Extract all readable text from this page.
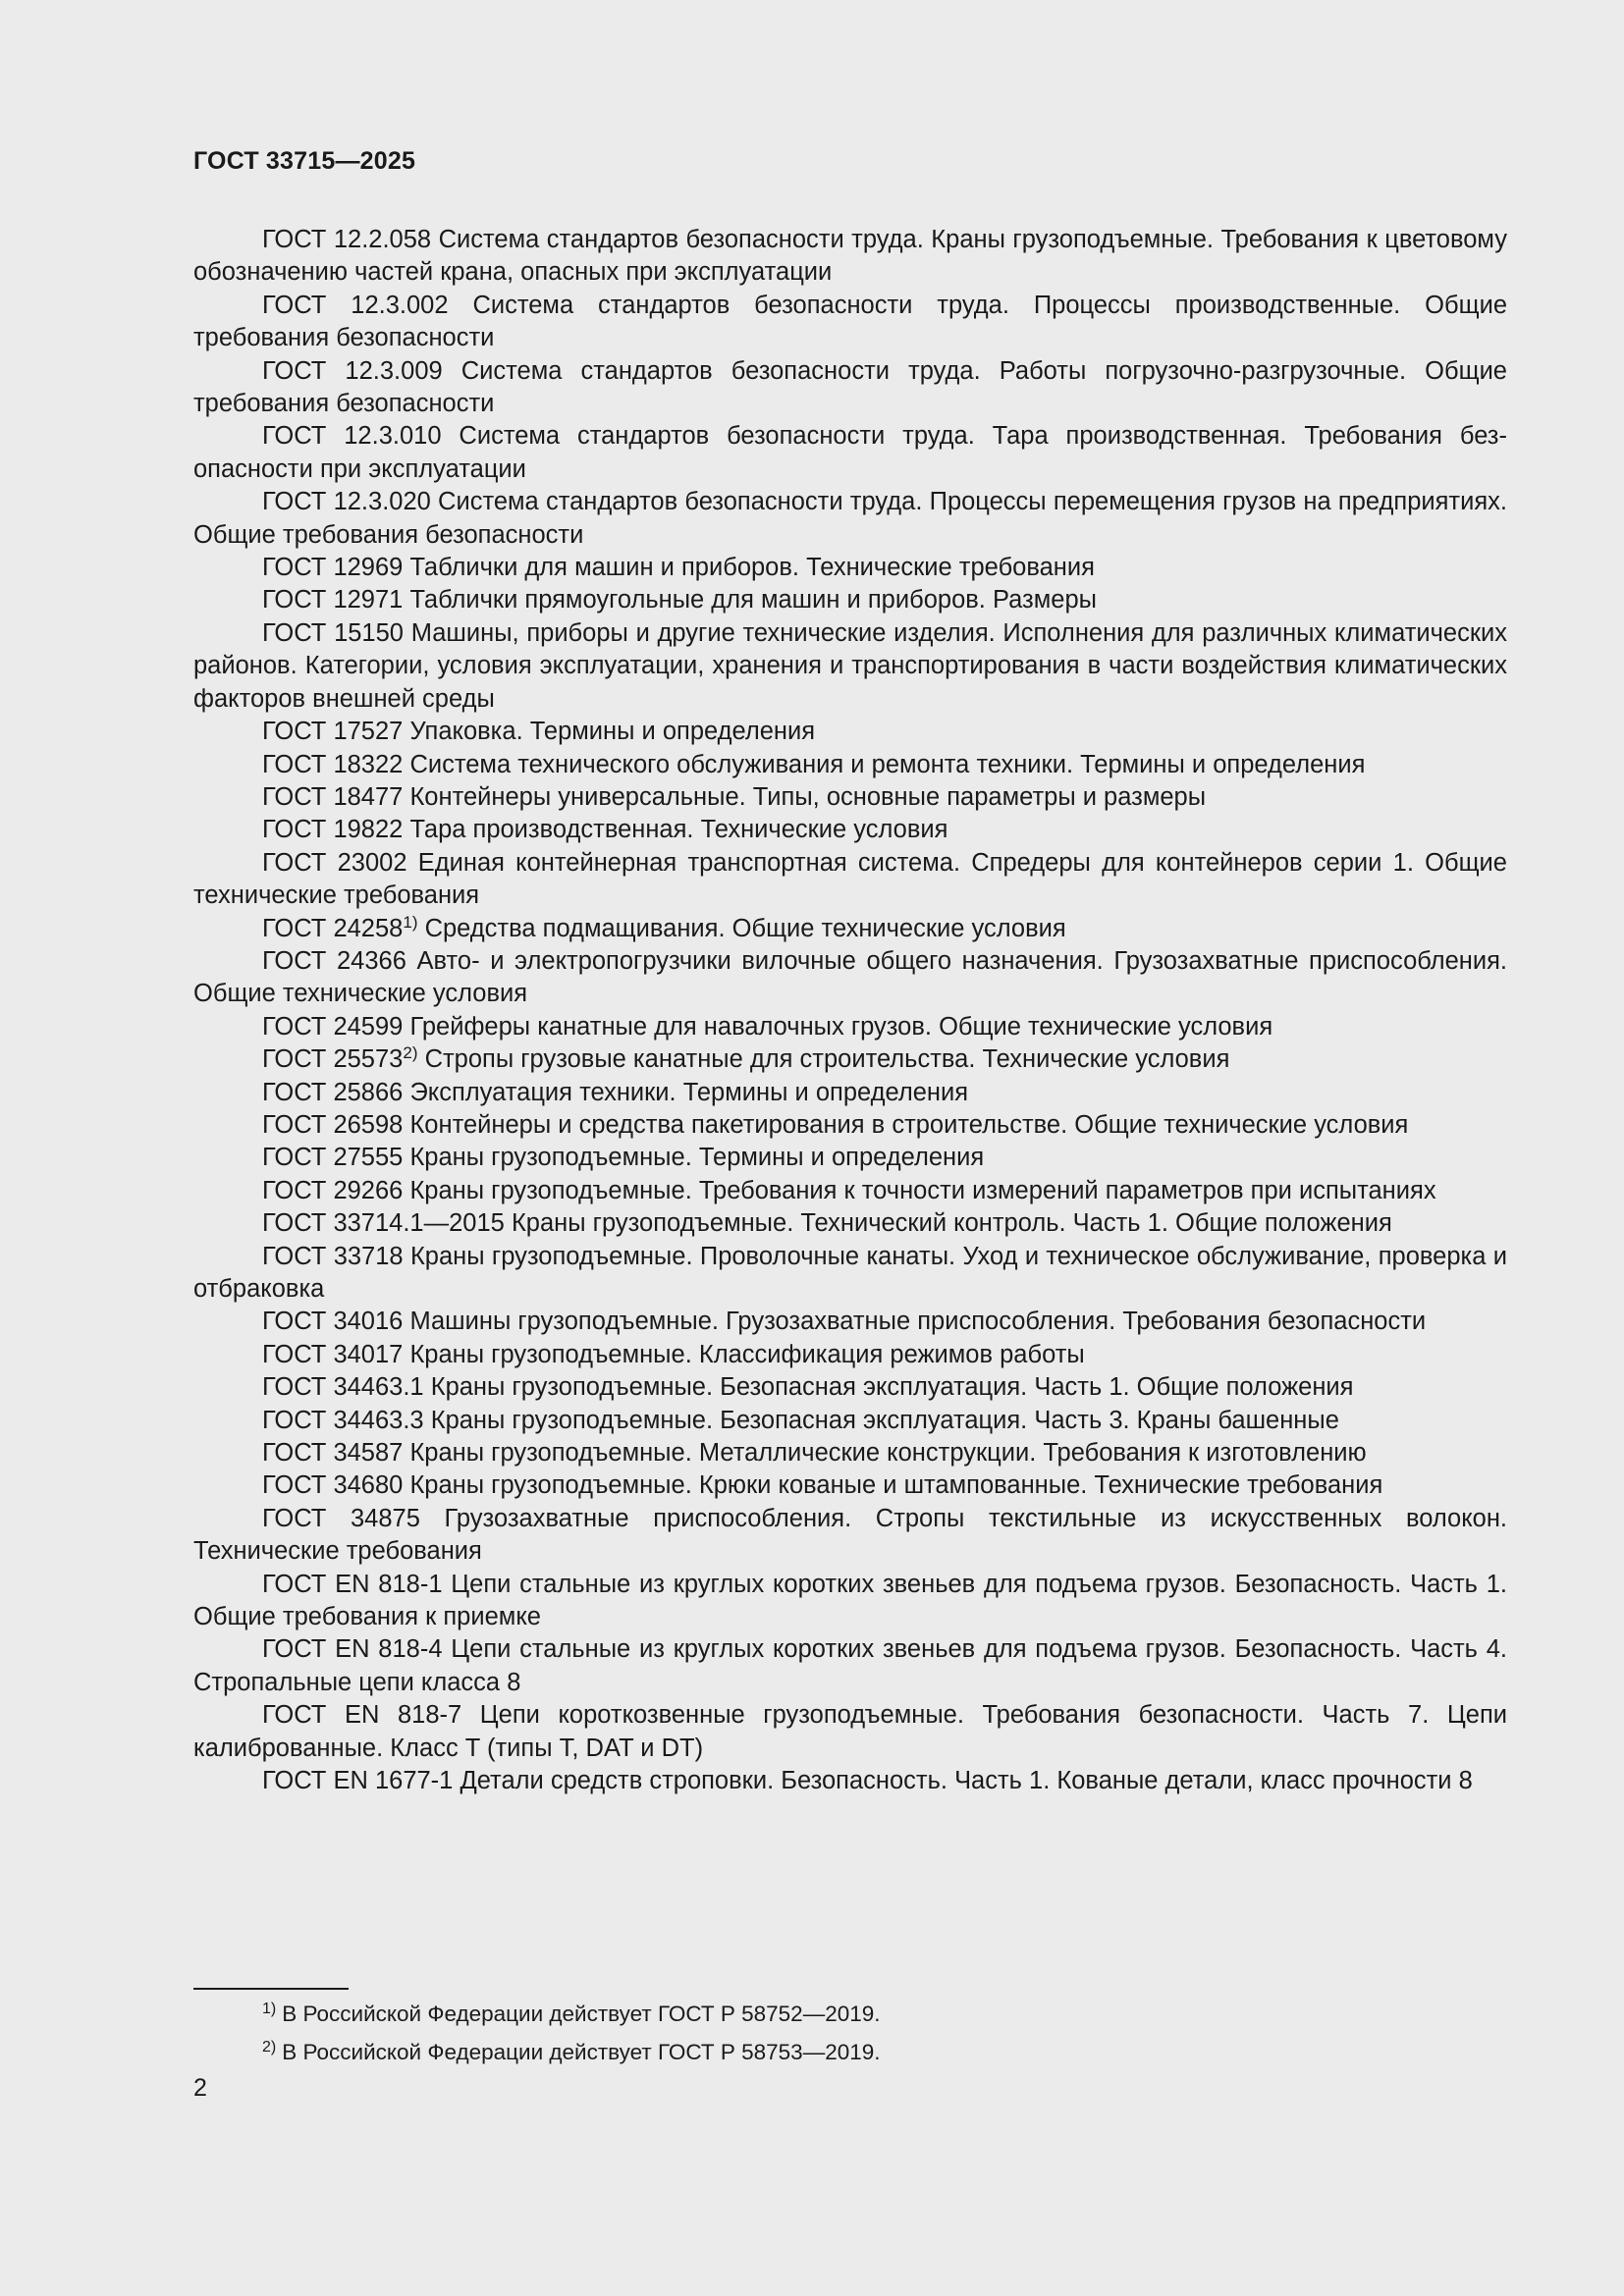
ГОСТ 33715—2025

ГОСТ 12.2.058 Система стандартов безопасности труда. Краны грузоподъемные. Требования к цветовому обозначению частей крана, опасных при эксплуатации

ГОСТ 12.3.002 Система стандартов безопасности труда. Процессы производственные. Общие требования безопасности

ГОСТ 12.3.009 Система стандартов безопасности труда. Работы погрузочно-разгрузочные. Общие требования безопасности

ГОСТ 12.3.010 Система стандартов безопасности труда. Тара производственная. Требования безопасности при эксплуатации

ГОСТ 12.3.020 Система стандартов безопасности труда. Процессы перемещения грузов на предприятиях. Общие требования безопасности

ГОСТ 12969 Таблички для машин и приборов. Технические требования

ГОСТ 12971 Таблички прямоугольные для машин и приборов. Размеры

ГОСТ 15150 Машины, приборы и другие технические изделия. Исполнения для различных климатических районов. Категории, условия эксплуатации, хранения и транспортирования в части воздействия климатических факторов внешней среды

ГОСТ 17527 Упаковка. Термины и определения

ГОСТ 18322 Система технического обслуживания и ремонта техники. Термины и определения

ГОСТ 18477 Контейнеры универсальные. Типы, основные параметры и размеры

ГОСТ 19822 Тара производственная. Технические условия

ГОСТ 23002 Единая контейнерная транспортная система. Спредеры для контейнеров серии 1. Общие технические требования

ГОСТ 24258$^{1)}$ Средства подмащивания. Общие технические условия

ГОСТ 24366 Авто- и электропогрузчики вилочные общего назначения. Грузозахватные приспособления. Общие технические условия

ГОСТ 24599 Грейферы канатные для навалочных грузов. Общие технические условия

ГОСТ 25573$^{2)}$ Стропы грузовые канатные для строительства. Технические условия

ГОСТ 25866 Эксплуатация техники. Термины и определения

ГОСТ 26598 Контейнеры и средства пакетирования в строительстве. Общие технические условия

ГОСТ 27555 Краны грузоподъемные. Термины и определения

ГОСТ 29266 Краны грузоподъемные. Требования к точности измерений параметров при испытаниях

ГОСТ 33714.1—2015 Краны грузоподъемные. Технический контроль. Часть 1. Общие положения

ГОСТ 33718 Краны грузоподъемные. Проволочные канаты. Уход и техническое обслуживание, проверка и отбраковка

ГОСТ 34016 Машины грузоподъемные. Грузозахватные приспособления. Требования безопасности

ГОСТ 34017 Краны грузоподъемные. Классификация режимов работы

ГОСТ 34463.1 Краны грузоподъемные. Безопасная эксплуатация. Часть 1. Общие положения

ГОСТ 34463.3 Краны грузоподъемные. Безопасная эксплуатация. Часть 3. Краны башенные

ГОСТ 34587 Краны грузоподъемные. Металлические конструкции. Требования к изготовлению

ГОСТ 34680 Краны грузоподъемные. Крюки кованые и штампованные. Технические требования

ГОСТ 34875 Грузозахватные приспособления. Стропы текстильные из искусственных волокон. Технические требования

ГОСТ EN 818-1 Цепи стальные из круглых коротких звеньев для подъема грузов. Безопасность. Часть 1. Общие требования к приемке

ГОСТ EN 818-4 Цепи стальные из круглых коротких звеньев для подъема грузов. Безопасность. Часть 4. Стропальные цепи класса 8

ГОСТ EN 818-7 Цепи короткозвенные грузоподъемные. Требования безопасности. Часть 7. Цепи калиброванные. Класс T (типы T, DAT и DT)

ГОСТ EN 1677-1 Детали средств строповки. Безопасность. Часть 1. Кованые детали, класс прочности 8

$^{1)}$ В Российской Федерации действует ГОСТ Р 58752—2019.
$^{2)}$ В Российской Федерации действует ГОСТ Р 58753—2019.
2
